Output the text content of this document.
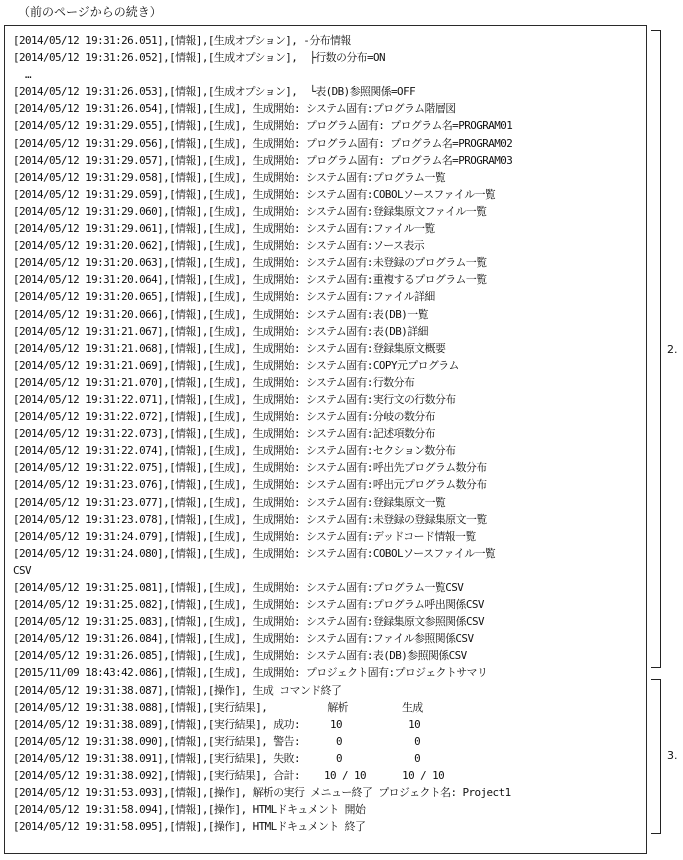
（前のページからの続き）
[2014/05/12 19:31:26.051],[情報],[生成オプション], -分布情報
[2014/05/12 19:31:26.052],[情報],[生成オプション],  ├行数の分布=ON
…
[2014/05/12 19:31:26.053],[情報],[生成オプション],  └表(DB)参照関係=OFF
[2014/05/12 19:31:26.054],[情報],[生成], 生成開始: システム固有:プログラム階層図
[2014/05/12 19:31:29.055],[情報],[生成], 生成開始: プログラム固有: プログラム名=PROGRAM01
[2014/05/12 19:31:29.056],[情報],[生成], 生成開始: プログラム固有: プログラム名=PROGRAM02
[2014/05/12 19:31:29.057],[情報],[生成], 生成開始: プログラム固有: プログラム名=PROGRAM03
[2014/05/12 19:31:29.058],[情報],[生成], 生成開始: システム固有:プログラム一覧
[2014/05/12 19:31:29.059],[情報],[生成], 生成開始: システム固有:COBOLソースファイル一覧
[2014/05/12 19:31:29.060],[情報],[生成], 生成開始: システム固有:登録集原文ファイル一覧
[2014/05/12 19:31:29.061],[情報],[生成], 生成開始: システム固有:ファイル一覧
[2014/05/12 19:31:20.062],[情報],[生成], 生成開始: システム固有:ソース表示
[2014/05/12 19:31:20.063],[情報],[生成], 生成開始: システム固有:未登録のプログラム一覧
[2014/05/12 19:31:20.064],[情報],[生成], 生成開始: システム固有:重複するプログラム一覧
[2014/05/12 19:31:20.065],[情報],[生成], 生成開始: システム固有:ファイル詳細
[2014/05/12 19:31:20.066],[情報],[生成], 生成開始: システム固有:表(DB)一覧
[2014/05/12 19:31:21.067],[情報],[生成], 生成開始: システム固有:表(DB)詳細
[2014/05/12 19:31:21.068],[情報],[生成], 生成開始: システム固有:登録集原文概要
[2014/05/12 19:31:21.069],[情報],[生成], 生成開始: システム固有:COPY元プログラム
[2014/05/12 19:31:21.070],[情報],[生成], 生成開始: システム固有:行数分布
[2014/05/12 19:31:22.071],[情報],[生成], 生成開始: システム固有:実行文の行数分布
[2014/05/12 19:31:22.072],[情報],[生成], 生成開始: システム固有:分岐の数分布
[2014/05/12 19:31:22.073],[情報],[生成], 生成開始: システム固有:記述項数分布
[2014/05/12 19:31:22.074],[情報],[生成], 生成開始: システム固有:セクション数分布
[2014/05/12 19:31:22.075],[情報],[生成], 生成開始: システム固有:呼出先プログラム数分布
[2014/05/12 19:31:23.076],[情報],[生成], 生成開始: システム固有:呼出元プログラム数分布
[2014/05/12 19:31:23.077],[情報],[生成], 生成開始: システム固有:登録集原文一覧
[2014/05/12 19:31:23.078],[情報],[生成], 生成開始: システム固有:未登録の登録集原文一覧
[2014/05/12 19:31:24.079],[情報],[生成], 生成開始: システム固有:デッドコード情報一覧
[2014/05/12 19:31:24.080],[情報],[生成], 生成開始: システム固有:COBOLソースファイル一覧
CSV
[2014/05/12 19:31:25.081],[情報],[生成], 生成開始: システム固有:プログラム一覧CSV
[2014/05/12 19:31:25.082],[情報],[生成], 生成開始: システム固有:プログラム呼出関係CSV
[2014/05/12 19:31:25.083],[情報],[生成], 生成開始: システム固有:登録集原文参照関係CSV
[2014/05/12 19:31:26.084],[情報],[生成], 生成開始: システム固有:ファイル参照関係CSV
[2014/05/12 19:31:26.085],[情報],[生成], 生成開始: システム固有:表(DB)参照関係CSV
[2015/11/09 18:43:42.086],[情報],[生成], 生成開始: プロジェクト固有:プロジェクトサマリ
[2014/05/12 19:31:38.087],[情報],[操作], 生成 コマンド終了
[2014/05/12 19:31:38.088],[情報],[実行結果],          解析         生成
[2014/05/12 19:31:38.089],[情報],[実行結果], 成功:     10           10
[2014/05/12 19:31:38.090],[情報],[実行結果], 警告:      0            0
[2014/05/12 19:31:38.091],[情報],[実行結果], 失敗:      0            0
[2014/05/12 19:31:38.092],[情報],[実行結果], 合計:    10 / 10      10 / 10
[2014/05/12 19:31:53.093],[情報],[操作], 解析の実行 メニュー終了 プロジェクト名: Project1
[2014/05/12 19:31:58.094],[情報],[操作], HTMLドキュメント 開始
[2014/05/12 19:31:58.095],[情報],[操作], HTMLドキュメント 終了
2.
3.
